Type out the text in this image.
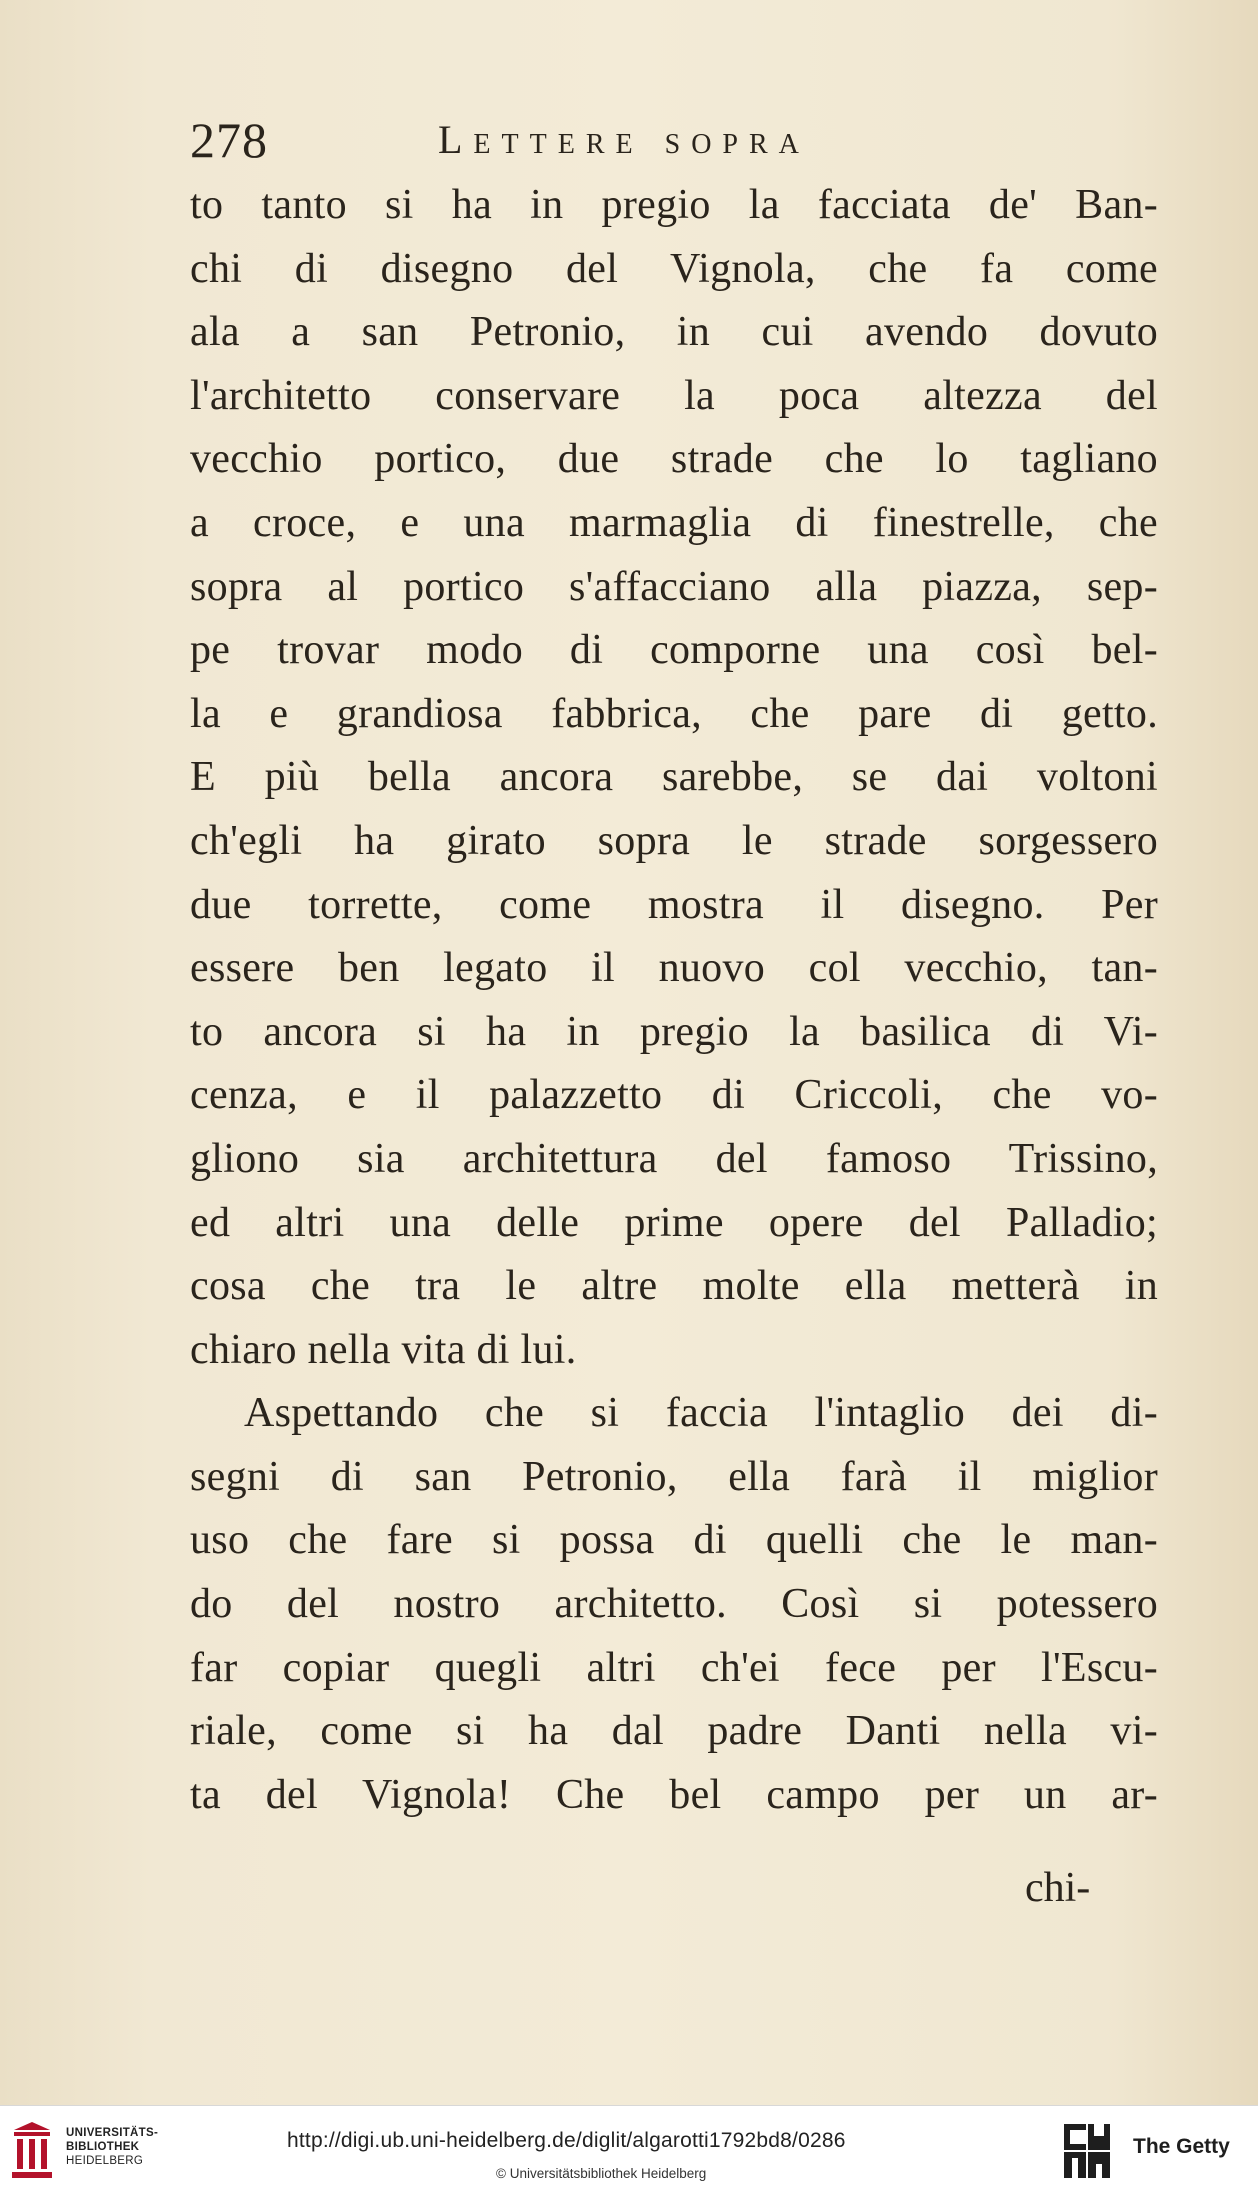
278	Lettere sopra
to tanto si ha in pregio la facciata de' Ban-
chi di disegno del Vignola, che fa come
ala a san Petronio, in cui avendo dovuto
l'architetto conservare la poca altezza del
vecchio portico, due strade che lo tagliano
a croce, e una marmaglia di finestrelle, che
sopra al portico s'affacciano alla piazza, sep-
pe trovar modo di comporne una così bel-
la e grandiosa fabbrica, che pare di getto.
E più bella ancora sarebbe, se dai voltoni
ch'egli ha girato sopra le strade sorgessero
due torrette, come mostra il disegno. Per
essere ben legato il nuovo col vecchio, tan-
to ancora si ha in pregio la basilica di Vi-
cenza, e il palazzetto di Criccoli, che vo-
gliono sia architettura del famoso Trissino,
ed altri una delle prime opere del Palladio;
cosa che tra le altre molte ella metterà in
chiaro nella vita di lui.
Aspettando che si faccia l'intaglio dei di-
segni di san Petronio, ella farà il miglior
uso che fare si possa di quelli che le man-
do del nostro architetto. Così si potessero
far copiar quegli altri ch'ei fece per l'Escu-
riale, come si ha dal padre Danti nella vi-
ta del Vignola! Che bel campo per un ar-
chi-
UNIVERSITÄTS-
BIBLIOTHEK
HEIDELBERG
http://digi.ub.uni-heidelberg.de/diglit/algarotti1792bd8/0286
© Universitätsbibliothek Heidelberg
The Getty
